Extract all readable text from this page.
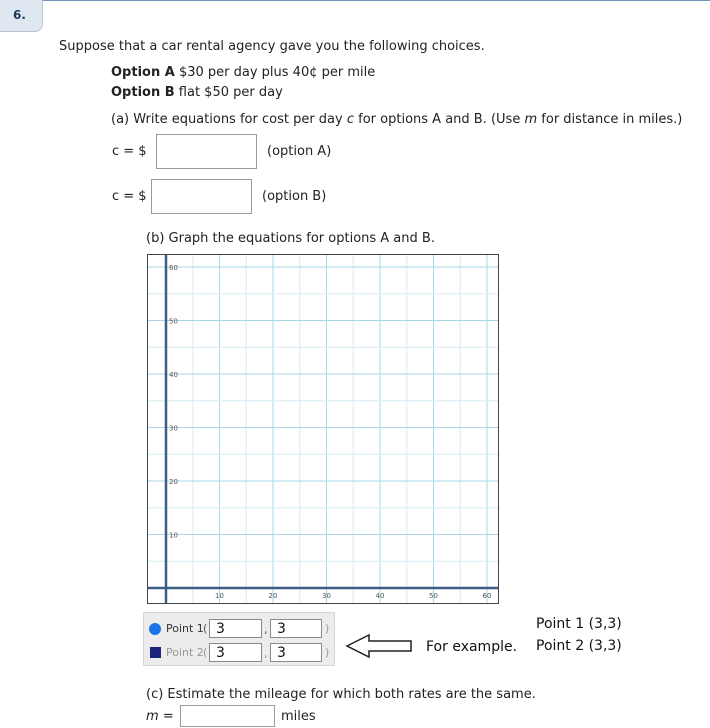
6.
Suppose that a car rental agency gave you the following choices.
Option A $30 per day plus 40¢ per mile
Option B flat $50 per day
(a) Write equations for cost per day c for options A and B. (Use m for distance in miles.)
c = $	(option A)
c = $	(option B)
(b) Graph the equations for options A and B.
10	20	30	40	50	60
10
20
30
40
50
60
Point 1 (
3	,
3	)
Point 2 (
3	,
3	)	For example.
Point 1 (3,3)
Point 2 (3,3)
(c) Estimate the mileage for which both rates are the same.
m =	miles
